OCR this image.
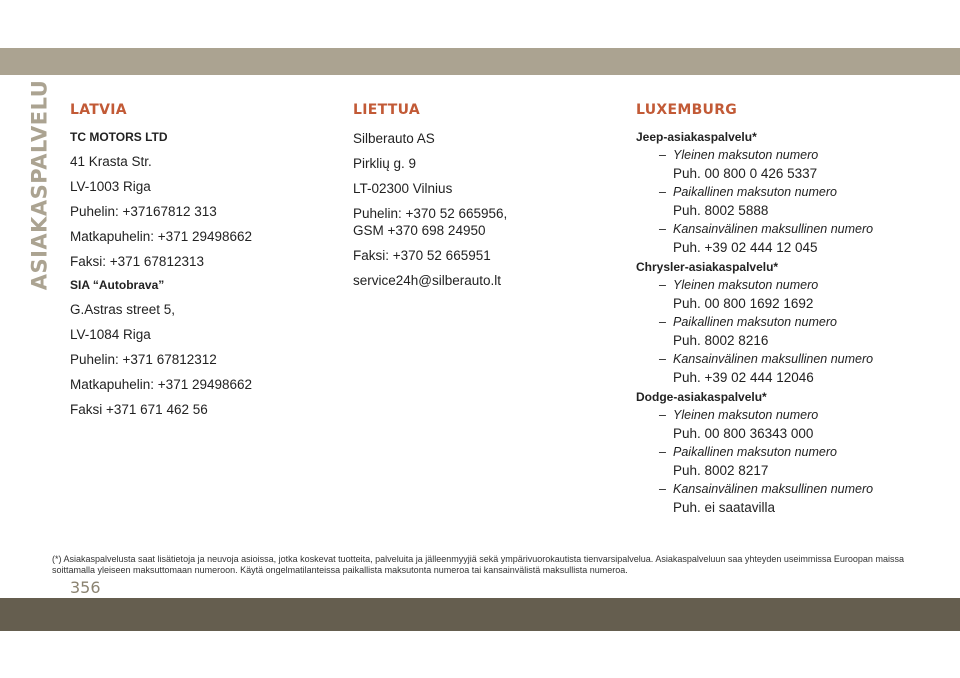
ASIAKASPALVELU LATVIA
TC MOTORS LTD
41 Krasta Str.
LV-1003 Riga
Puhelin: +37167812 313
Matkapuhelin: +371 29498662
Faksi: +371 67812313
SIA “Autobrava”
G.Astras street 5,
LV-1084 Riga
Puhelin: +371 67812312
Matkapuhelin: +371 29498662
Faksi +371 671 462 56
LIETTUA
Silberauto AS
Pirklių g. 9
LT-02300 Vilnius
Puhelin: +370 52 665956,
GSM +370 698 24950
Faksi: +370 52 665951
service24h@silberauto.lt
LUXEMBURG
Jeep-asiakaspalvelu*
– Yleinen maksuton numero
Puh. 00 800 0 426 5337
– Paikallinen maksuton numero
Puh. 8002 5888
– Kansainvälinen maksullinen numero
Puh. +39 02 444 12 045
Chrysler-asiakaspalvelu*
– Yleinen maksuton numero
Puh. 00 800 1692 1692
– Paikallinen maksuton numero
Puh. 8002 8216
– Kansainvälinen maksullinen numero
Puh. +39 02 444 12046
Dodge-asiakaspalvelu*
– Yleinen maksuton numero
Puh. 00 800 36343 000
– Paikallinen maksuton numero
Puh. 8002 8217
– Kansainvälinen maksullinen numero
Puh. ei saatavilla
(*) Asiakaspalvelusta saat lisätietoja ja neuvoja asioissa, jotka koskevat tuotteita, palveluita ja jälleenmyyjiä sekä ympärivuorokautista tienvarsipalvelua. Asiakaspalveluun saa yhteyden useimmissa Euroopan maissa soittamalla yleiseen maksuttomaan numeroon. Käytä ongelmatilanteissa paikallista maksutonta numeroa tai kansainvälistä maksullista numeroa.
356
